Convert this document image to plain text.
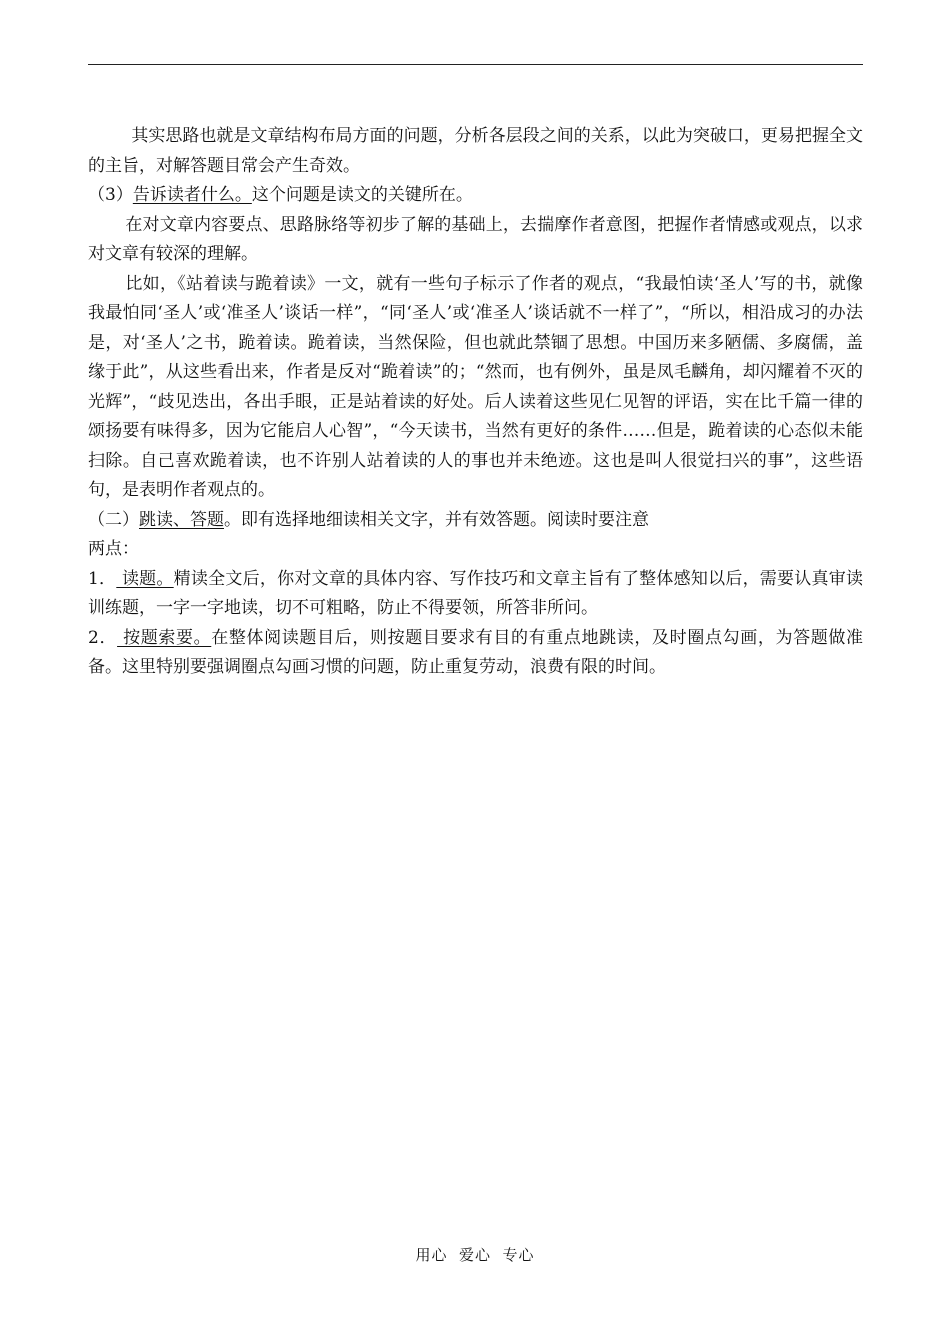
其实思路也就是文章结构布局方面的问题，分析各层段之间的关系，以此为突破口，更易把握全文的主旨，对解答题目常会产生奇效。

（3）告诉读者什么。这个问题是读文的关键所在。

在对文章内容要点、思路脉络等初步了解的基础上，去揣摩作者意图，把握作者情感或观点，以求对文章有较深的理解。

比如，《站着读与跪着读》一文，就有一些句子标示了作者的观点，“我最怕读‘圣人’写的书，就像我最怕同‘圣人’或‘准圣人’谈话一样”，“同‘圣人’或‘准圣人’谈话就不一样了”，“所以，相沿成习的办法是，对‘圣人’之书，跪着读。跪着读，当然保险，但也就此禁锢了思想。中国历来多陋儒、多腐儒，盖缘于此”，从这些看出来，作者是反对“跪着读”的；“然而，也有例外，虽是凤毛麟角，却闪耀着不灭的光辉”，“歧见迭出，各出手眼，正是站着读的好处。后人读着这些见仁见智的评语，实在比千篇一律的颂扬要有味得多，因为它能启人心智”，“今天读书，当然有更好的条件……但是，跪着读的心态似未能扫除。自己喜欢跪着读，也不许别人站着读的人的事也并未绝迹。这也是叫人很觉扫兴的事”，这些语句，是表明作者观点的。

（二）跳读、答题。即有选择地细读相关文字，并有效答题。阅读时要注意

两点：

1． 读题。精读全文后，你对文章的具体内容、写作技巧和文章主旨有了整体感知以后，需要认真审读训练题，一字一字地读，切不可粗略，防止不得要领，所答非所问。

2． 按题索要。在整体阅读题目后，则按题目要求有目的有重点地跳读，及时圈点勾画，为答题做准备。这里特别要强调圈点勾画习惯的问题，防止重复劳动，浪费有限的时间。

用心  爱心  专心
